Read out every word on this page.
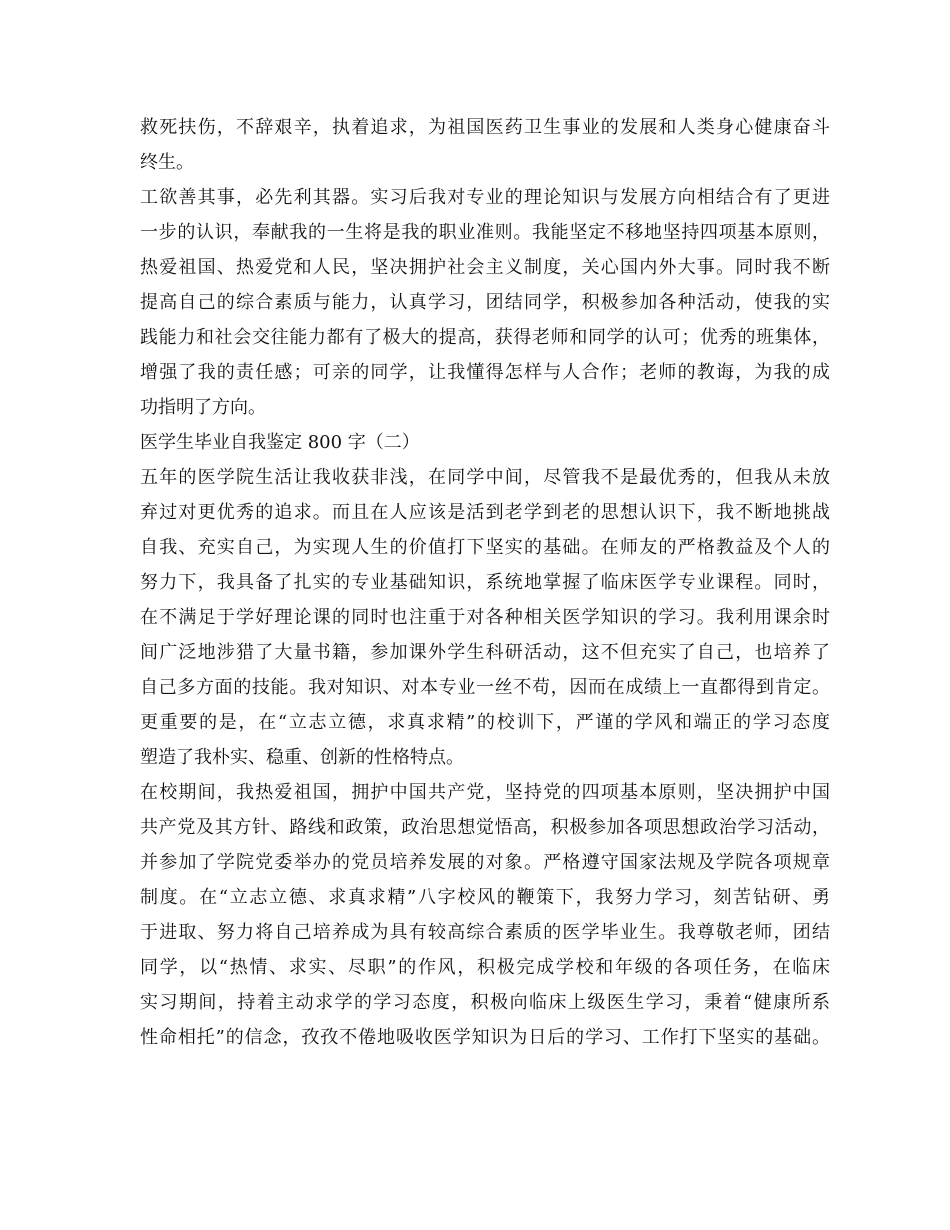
救死扶伤，不辞艰辛，执着追求，为祖国医药卫生事业的发展和人类身心健康奋斗
终生。
工欲善其事，必先利其器。实习后我对专业的理论知识与发展方向相结合有了更进
一步的认识，奉献我的一生将是我的职业准则。我能坚定不移地坚持四项基本原则，
热爱祖国、热爱党和人民，坚决拥护社会主义制度，关心国内外大事。同时我不断
提高自己的综合素质与能力，认真学习，团结同学，积极参加各种活动，使我的实
践能力和社会交往能力都有了极大的提高，获得老师和同学的认可；优秀的班集体，
增强了我的责任感；可亲的同学，让我懂得怎样与人合作；老师的教诲，为我的成
功指明了方向。
医学生毕业自我鉴定 800 字（二）
五年的医学院生活让我收获非浅，在同学中间，尽管我不是最优秀的，但我从未放
弃过对更优秀的追求。而且在人应该是活到老学到老的思想认识下，我不断地挑战
自我、充实自己，为实现人生的价值打下坚实的基础。在师友的严格教益及个人的
努力下，我具备了扎实的专业基础知识，系统地掌握了临床医学专业课程。同时，
在不满足于学好理论课的同时也注重于对各种相关医学知识的学习。我利用课余时
间广泛地涉猎了大量书籍，参加课外学生科研活动，这不但充实了自己，也培养了
自己多方面的技能。我对知识、对本专业一丝不苟，因而在成绩上一直都得到肯定。
更重要的是，在“立志立德，求真求精”的校训下，严谨的学风和端正的学习态度
塑造了我朴实、稳重、创新的性格特点。
在校期间，我热爱祖国，拥护中国共产党，坚持党的四项基本原则，坚决拥护中国
共产党及其方针、路线和政策，政治思想觉悟高，积极参加各项思想政治学习活动，
并参加了学院党委举办的党员培养发展的对象。严格遵守国家法规及学院各项规章
制度。在“立志立德、求真求精”八字校风的鞭策下，我努力学习，刻苦钻研、勇
于进取、努力将自己培养成为具有较高综合素质的医学毕业生。我尊敬老师，团结
同学，以“热情、求实、尽职”的作风，积极完成学校和年级的各项任务，在临床
实习期间，持着主动求学的学习态度，积极向临床上级医生学习，秉着“健康所系
性命相托”的信念，孜孜不倦地吸收医学知识为日后的学习、工作打下坚实的基础。
